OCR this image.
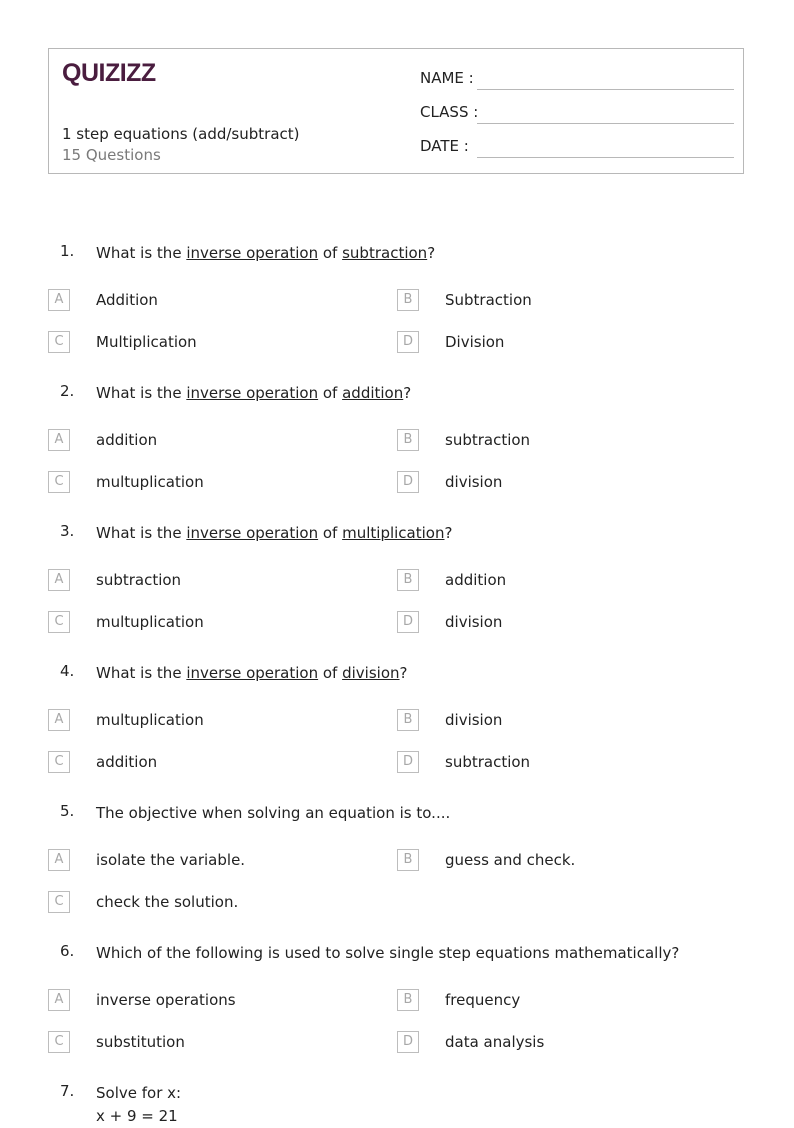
QUIZIZZ
1 step equations (add/subtract)
15 Questions
NAME :
CLASS :
DATE :
1. What is the inverse operation of subtraction?
A	Addition	B	Subtraction
C	Multiplication	D	Division
2. What is the inverse operation of addition?
A	addition	B	subtraction
C	multuplication	D	division
3. What is the inverse operation of multiplication?
A	subtraction	B	addition
C	multuplication	D	division
4. What is the inverse operation of division?
A	multuplication	B	division
C	addition	D	subtraction
5. The objective when solving an equation is to....
A	isolate the variable.	B	guess and check.
C	check the solution.
6. Which of the following is used to solve single step equations mathematically?
A	inverse operations	B	frequency
C	substitution	D	data analysis
7. Solve for x:
x + 9 = 21
